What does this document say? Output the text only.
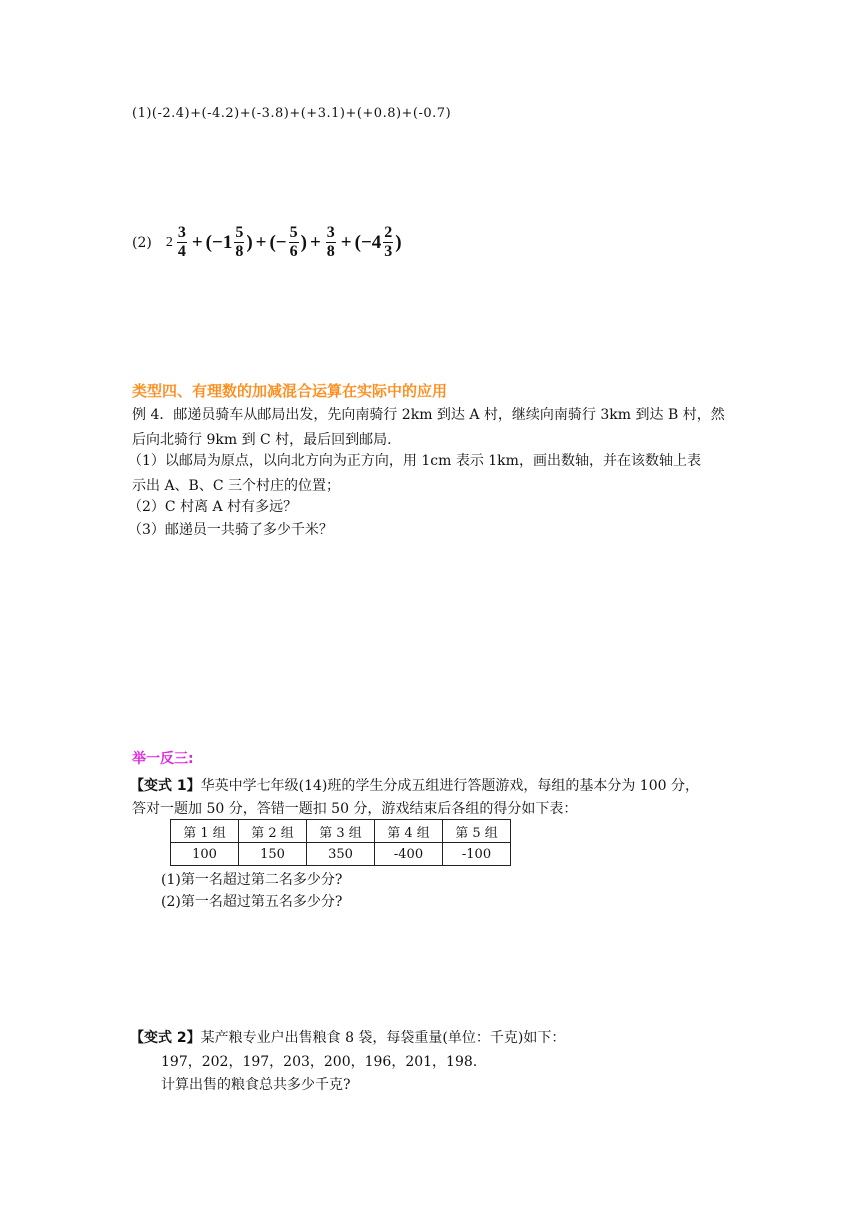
(1)(-2.4)+(-4.2)+(-3.8)+(+3.1)+(+0.8)+(-0.7)
(2) $2 \frac{3}{4} + (-1 \frac{5}{8}$ ) + (− $\frac{5}{6}$ ) + $\frac{3}{8} + (-4 \frac{2}{3}$ )
类型四、有理数的加减混合运算在实际中的应用
例 4．邮递员骑车从邮局出发，先向南骑行 2km 到达 A 村，继续向南骑行 3km 到达 B 村，然
后向北骑行 9km 到 C 村，最后回到邮局.
（1）以邮局为原点，以向北方向为正方向，用 1cm 表示 1km，画出数轴，并在该数轴上表
示出 A、B、C 三个村庄的位置；
（2）C 村离 A 村有多远？
（3）邮递员一共骑了多少千米？
举一反三:
【变式 1】华英中学七年级(14)班的学生分成五组进行答题游戏，每组的基本分为 100 分，
答对一题加 50 分，答错一题扣 50 分，游戏结束后各组的得分如下表：
第 1 组	第 2 组	第 3 组	第 4 组	第 5 组
100	150	350	-400	-100
(1)第一名超过第二名多少分?
(2)第一名超过第五名多少分?
【变式 2】某产粮专业户出售粮食 8 袋，每袋重量(单位：千克)如下：
197，202，197，203，200，196，201，198.
计算出售的粮食总共多少千克?
